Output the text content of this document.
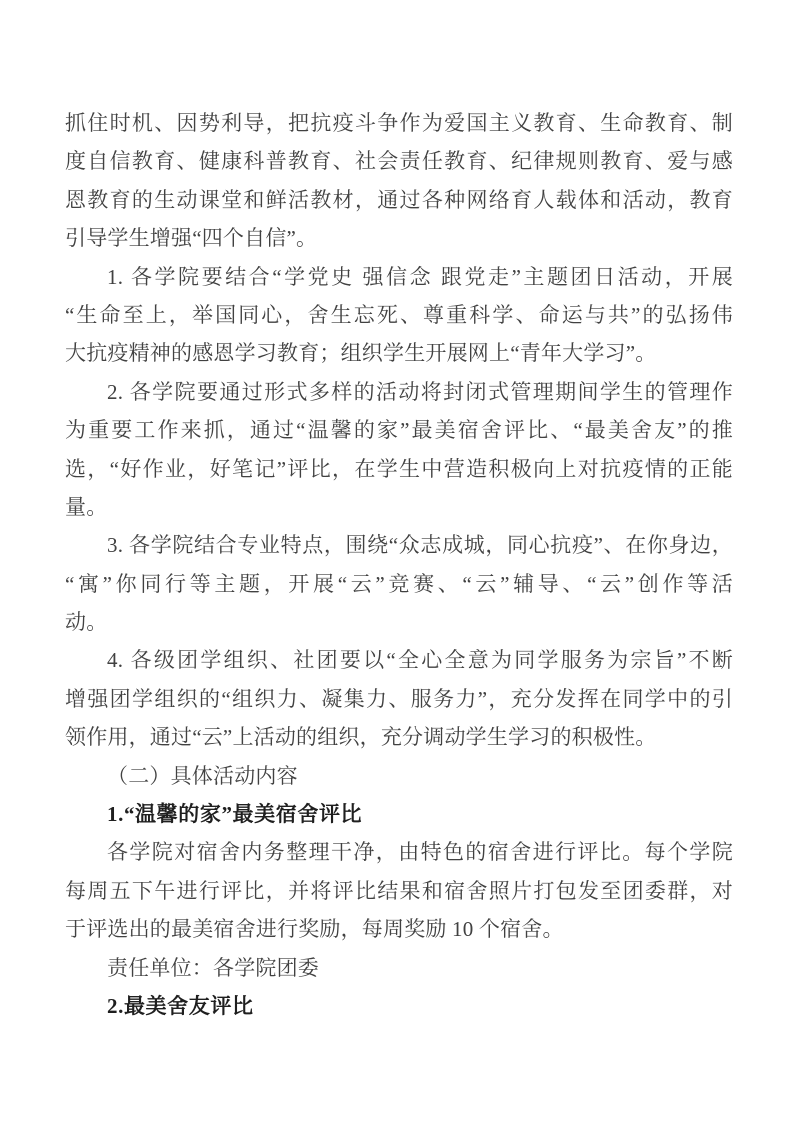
抓住时机、因势利导，把抗疫斗争作为爱国主义教育、生命教育、制
度自信教育、健康科普教育、社会责任教育、纪律规则教育、爱与感
恩教育的生动课堂和鲜活教材，通过各种网络育人载体和活动，教育
引导学生增强“四个自信”。
1. 各学院要结合“学党史 强信念 跟党走”主题团日活动，开展
“生命至上，举国同心，舍生忘死、尊重科学、命运与共”的弘扬伟
大抗疫精神的感恩学习教育；组织学生开展网上“青年大学习”。
2. 各学院要通过形式多样的活动将封闭式管理期间学生的管理作
为重要工作来抓，通过“温馨的家”最美宿舍评比、“最美舍友”的推
选，“好作业，好笔记”评比，在学生中营造积极向上对抗疫情的正能
量。
3. 各学院结合专业特点，围绕“众志成城，同心抗疫”、在你身边，
“寓”你同行等主题，开展“云”竞赛、“云”辅导、“云”创作等活
动。
4. 各级团学组织、社团要以“全心全意为同学服务为宗旨”不断
增强团学组织的“组织力、凝集力、服务力”，充分发挥在同学中的引
领作用，通过“云”上活动的组织，充分调动学生学习的积极性。
（二）具体活动内容
1.“温馨的家”最美宿舍评比
各学院对宿舍内务整理干净，由特色的宿舍进行评比。每个学院
每周五下午进行评比，并将评比结果和宿舍照片打包发至团委群，对
于评选出的最美宿舍进行奖励，每周奖励 10 个宿舍。
责任单位：各学院团委
2.最美舍友评比
